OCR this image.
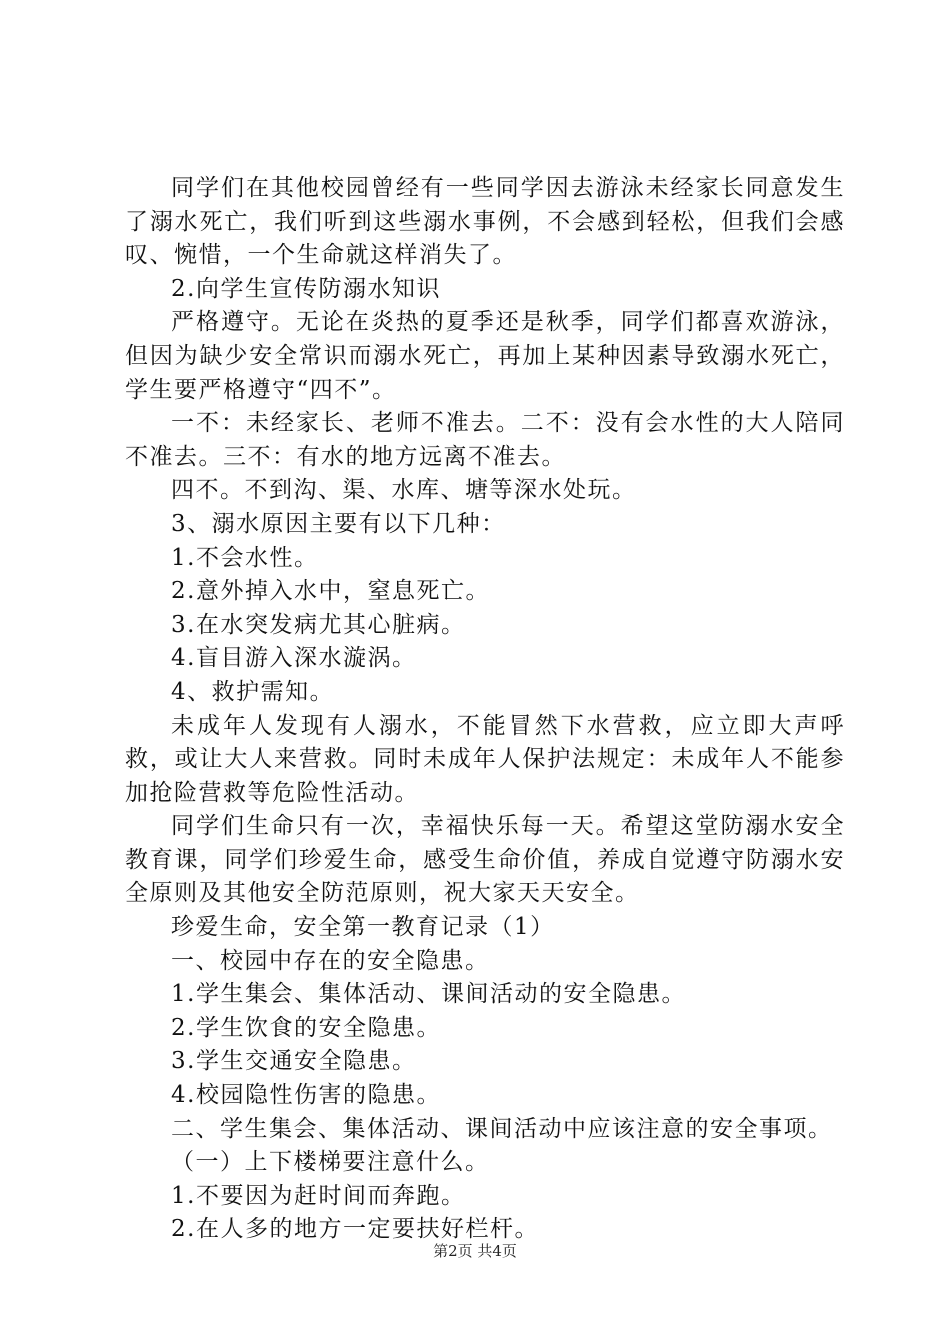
同学们在其他校园曾经有一些同学因去游泳未经家长同意发生了溺水死亡，我们听到这些溺水事例，不会感到轻松，但我们会感叹、惋惜，一个生命就这样消失了。

2.向学生宣传防溺水知识

严格遵守。无论在炎热的夏季还是秋季，同学们都喜欢游泳，但因为缺少安全常识而溺水死亡，再加上某种因素导致溺水死亡，学生要严格遵守“四不”。

一不：未经家长、老师不准去。二不：没有会水性的大人陪同不准去。三不：有水的地方远离不准去。

四不。不到沟、渠、水库、塘等深水处玩。

3、溺水原因主要有以下几种：

1.不会水性。

2.意外掉入水中，窒息死亡。

3.在水突发病尤其心脏病。

4.盲目游入深水漩涡。

4、救护需知。

未成年人发现有人溺水，不能冒然下水营救，应立即大声呼救，或让大人来营救。同时未成年人保护法规定：未成年人不能参加抢险营救等危险性活动。

同学们生命只有一次，幸福快乐每一天。希望这堂防溺水安全教育课，同学们珍爱生命，感受生命价值，养成自觉遵守防溺水安全原则及其他安全防范原则，祝大家天天安全。

珍爱生命，安全第一教育记录（1）

一、校园中存在的安全隐患。

1.学生集会、集体活动、课间活动的安全隐患。

2.学生饮食的安全隐患。

3.学生交通安全隐患。

4.校园隐性伤害的隐患。

二、学生集会、集体活动、课间活动中应该注意的安全事项。

（一）上下楼梯要注意什么。

1.不要因为赶时间而奔跑。

2.在人多的地方一定要扶好栏杆。

第2页 共4页
